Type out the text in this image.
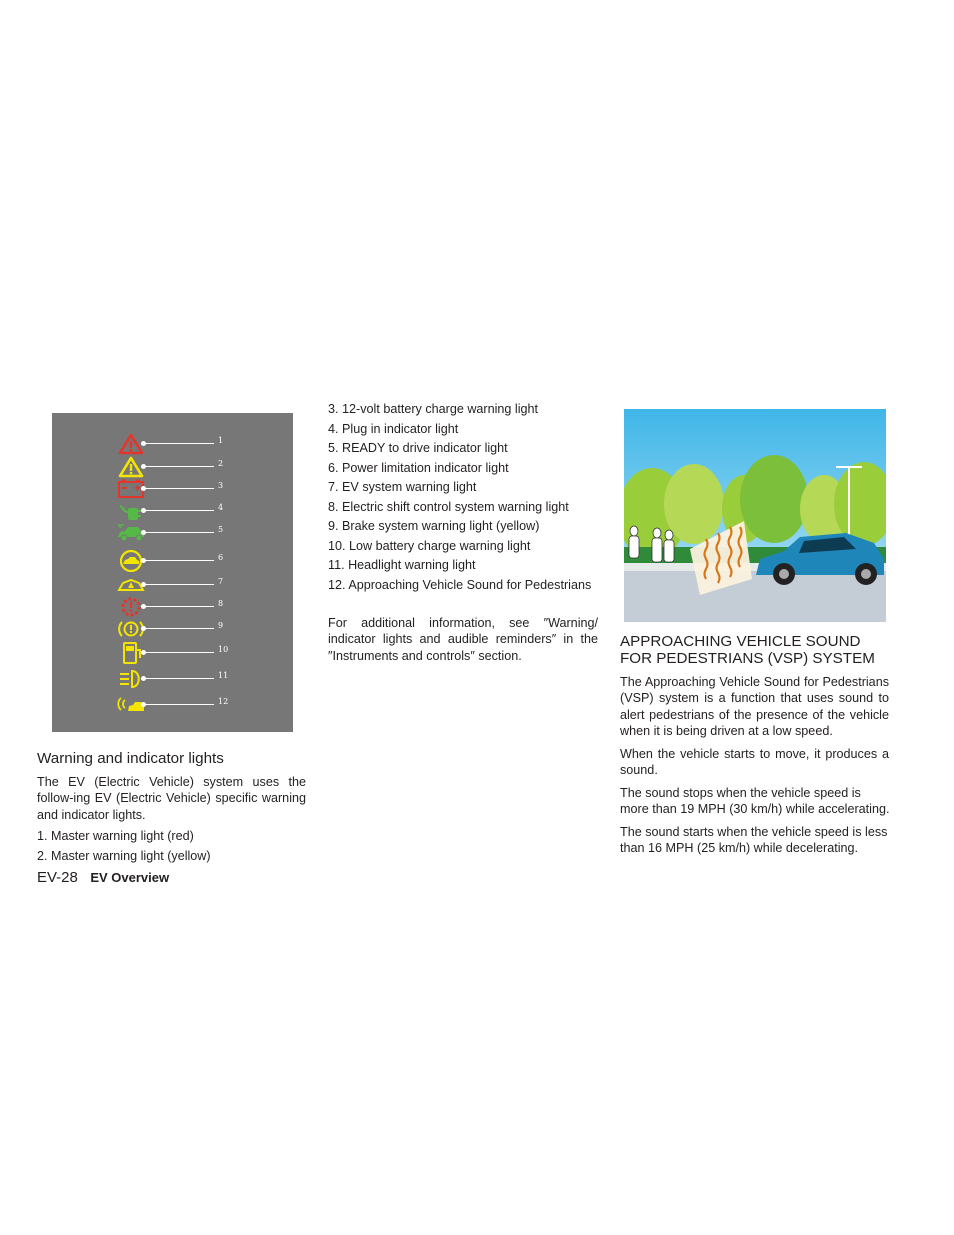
1
2
3
4
5
6
7
8
9
10
11
12
Warning and indicator lights

The EV (Electric Vehicle) system uses the follow-ing EV (Electric Vehicle) specific warning and indicator lights.

1. Master warning light (red)
2. Master warning light (yellow)
3. 12-volt battery charge warning light
4. Plug in indicator light
5. READY to drive indicator light
6. Power limitation indicator light
7. EV system warning light
8. Electric shift control system warning light
9. Brake system warning light (yellow)
10. Low battery charge warning light
11. Headlight warning light
12. Approaching Vehicle Sound for Pedestrians

For additional information, see ″Warning/ indicator lights and audible reminders″ in the ″Instruments and controls″ section.

APPROACHING VEHICLE SOUND
FOR PEDESTRIANS (VSP) SYSTEM

The Approaching Vehicle Sound for Pedestrians (VSP) system is a function that uses sound to alert pedestrians of the presence of the vehicle when it is being driven at a low speed.

When the vehicle starts to move, it produces a sound.

The sound stops when the vehicle speed is more than 19 MPH (30 km/h) while accelerating.

The sound starts when the vehicle speed is less than 16 MPH (25 km/h) while decelerating.

EV-28 EV Overview
